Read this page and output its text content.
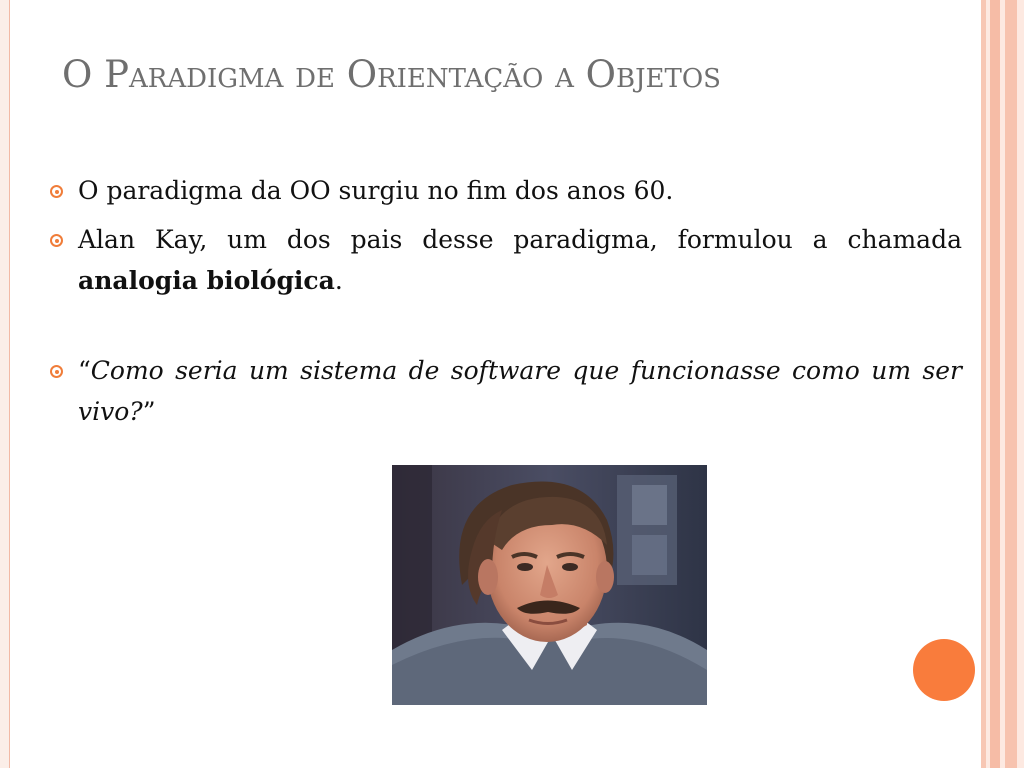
O Paradigma de Orientação a Objetos
O paradigma da OO surgiu no fim dos anos 60.
Alan Kay, um dos pais desse paradigma, formulou a chamada analogia biológica.
“Como seria um sistema de software que funcionasse como um ser vivo?”
